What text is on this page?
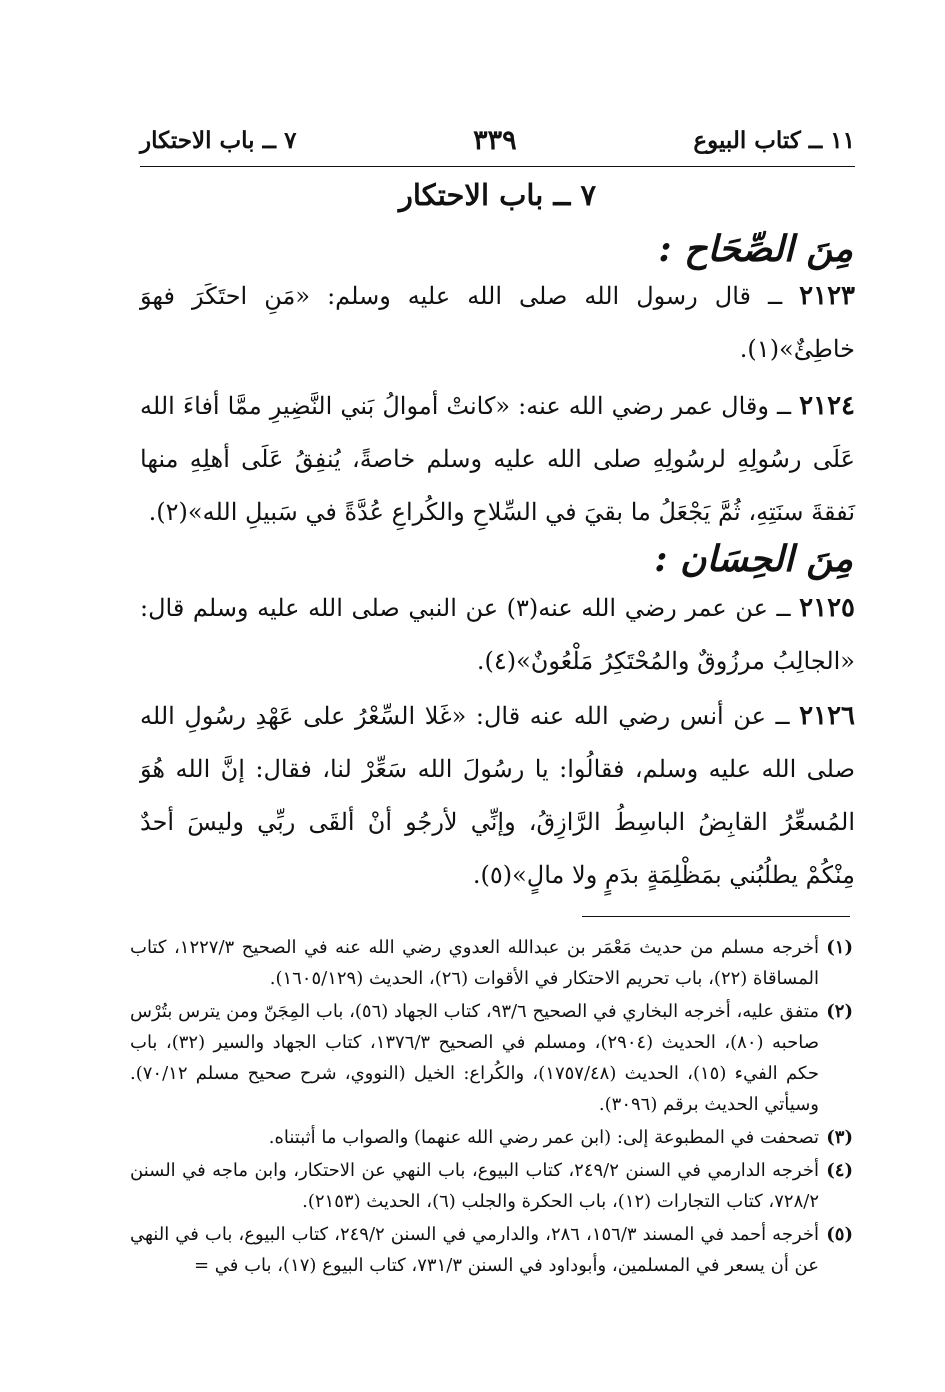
١١ ــ كتاب البيوع
٣٣٩
٧ ــ باب الاحتكار
٧ ــ باب الاحتكار
مِنَ الصِّحَاح :
٢١٢٣ ــ قال رسول الله صلى الله عليه وسلم: «مَنِ احتَكَرَ فهوَ خاطِئٌ»(١).
٢١٢٤ ــ وقال عمر رضي الله عنه: «كانتْ أموالُ بَني النَّضِيرِ ممَّا أفاءَ الله عَلَى رسُولِهِ لرسُولِهِ صلى الله عليه وسلم خاصةً، يُنفِقُ عَلَى أهلِهِ منها نَفقةَ سنَتِهِ، ثُمَّ يَجْعَلُ ما بقيَ في السِّلاحِ والكُراعِ عُدَّةً في سَبيلِ الله»(٢).
مِنَ الحِسَان :
٢١٢٥ ــ عن عمر رضي الله عنه(٣) عن النبي صلى الله عليه وسلم قال: «الجالِبُ مرزُوقٌ والمُحْتَكِرُ مَلْعُونٌ»(٤).
٢١٢٦ ــ عن أنس رضي الله عنه قال: «غَلا السِّعْرُ على عَهْدِ رسُولِ الله صلى الله عليه وسلم، فقالُوا: يا رسُولَ الله سَعِّرْ لنا، فقال: إنَّ الله هُوَ المُسعِّرُ القابِضُ الباسِطُ الرَّازِقُ، وإنِّي لأرجُو أنْ ألقَى ربِّي وليسَ أحدٌ مِنْكُمْ يطلُبُني بمَظْلِمَةٍ بدَمٍ ولا مالٍ»(٥).
(١)
أخرجه مسلم من حديث مَعْمَر بن عبدالله العدوي رضي الله عنه في الصحيح ١٢٢٧/٣، كتاب المساقاة (٢٢)، باب تحريم الاحتكار في الأقوات (٢٦)، الحديث (١٦٠٥/١٢٩).
(٢)
متفق عليه، أخرجه البخاري في الصحيح ٩٣/٦، كتاب الجهاد (٥٦)، باب المِجَنّ ومن يترس بتُرْس صاحبه (٨٠)، الحديث (٢٩٠٤)، ومسلم في الصحيح ١٣٧٦/٣، كتاب الجهاد والسير (٣٢)، باب حكم الفيء (١٥)، الحديث (١٧٥٧/٤٨)، والكُراع: الخيل (النووي، شرح صحيح مسلم ٧٠/١٢). وسيأتي الحديث برقم (٣٠٩٦).
(٣)
تصحفت في المطبوعة إلى: (ابن عمر رضي الله عنهما) والصواب ما أثبتناه.
(٤)
أخرجه الدارمي في السنن ٢٤٩/٢، كتاب البيوع، باب النهي عن الاحتكار، وابن ماجه في السنن ٧٢٨/٢، كتاب التجارات (١٢)، باب الحكرة والجلب (٦)، الحديث (٢١٥٣).
(٥)
أخرجه أحمد في المسند ١٥٦/٣، ٢٨٦، والدارمي في السنن ٢٤٩/٢، كتاب البيوع، باب في النهي عن أن يسعر في المسلمين، وأبوداود في السنن ٧٣١/٣، كتاب البيوع (١٧)، باب في =
